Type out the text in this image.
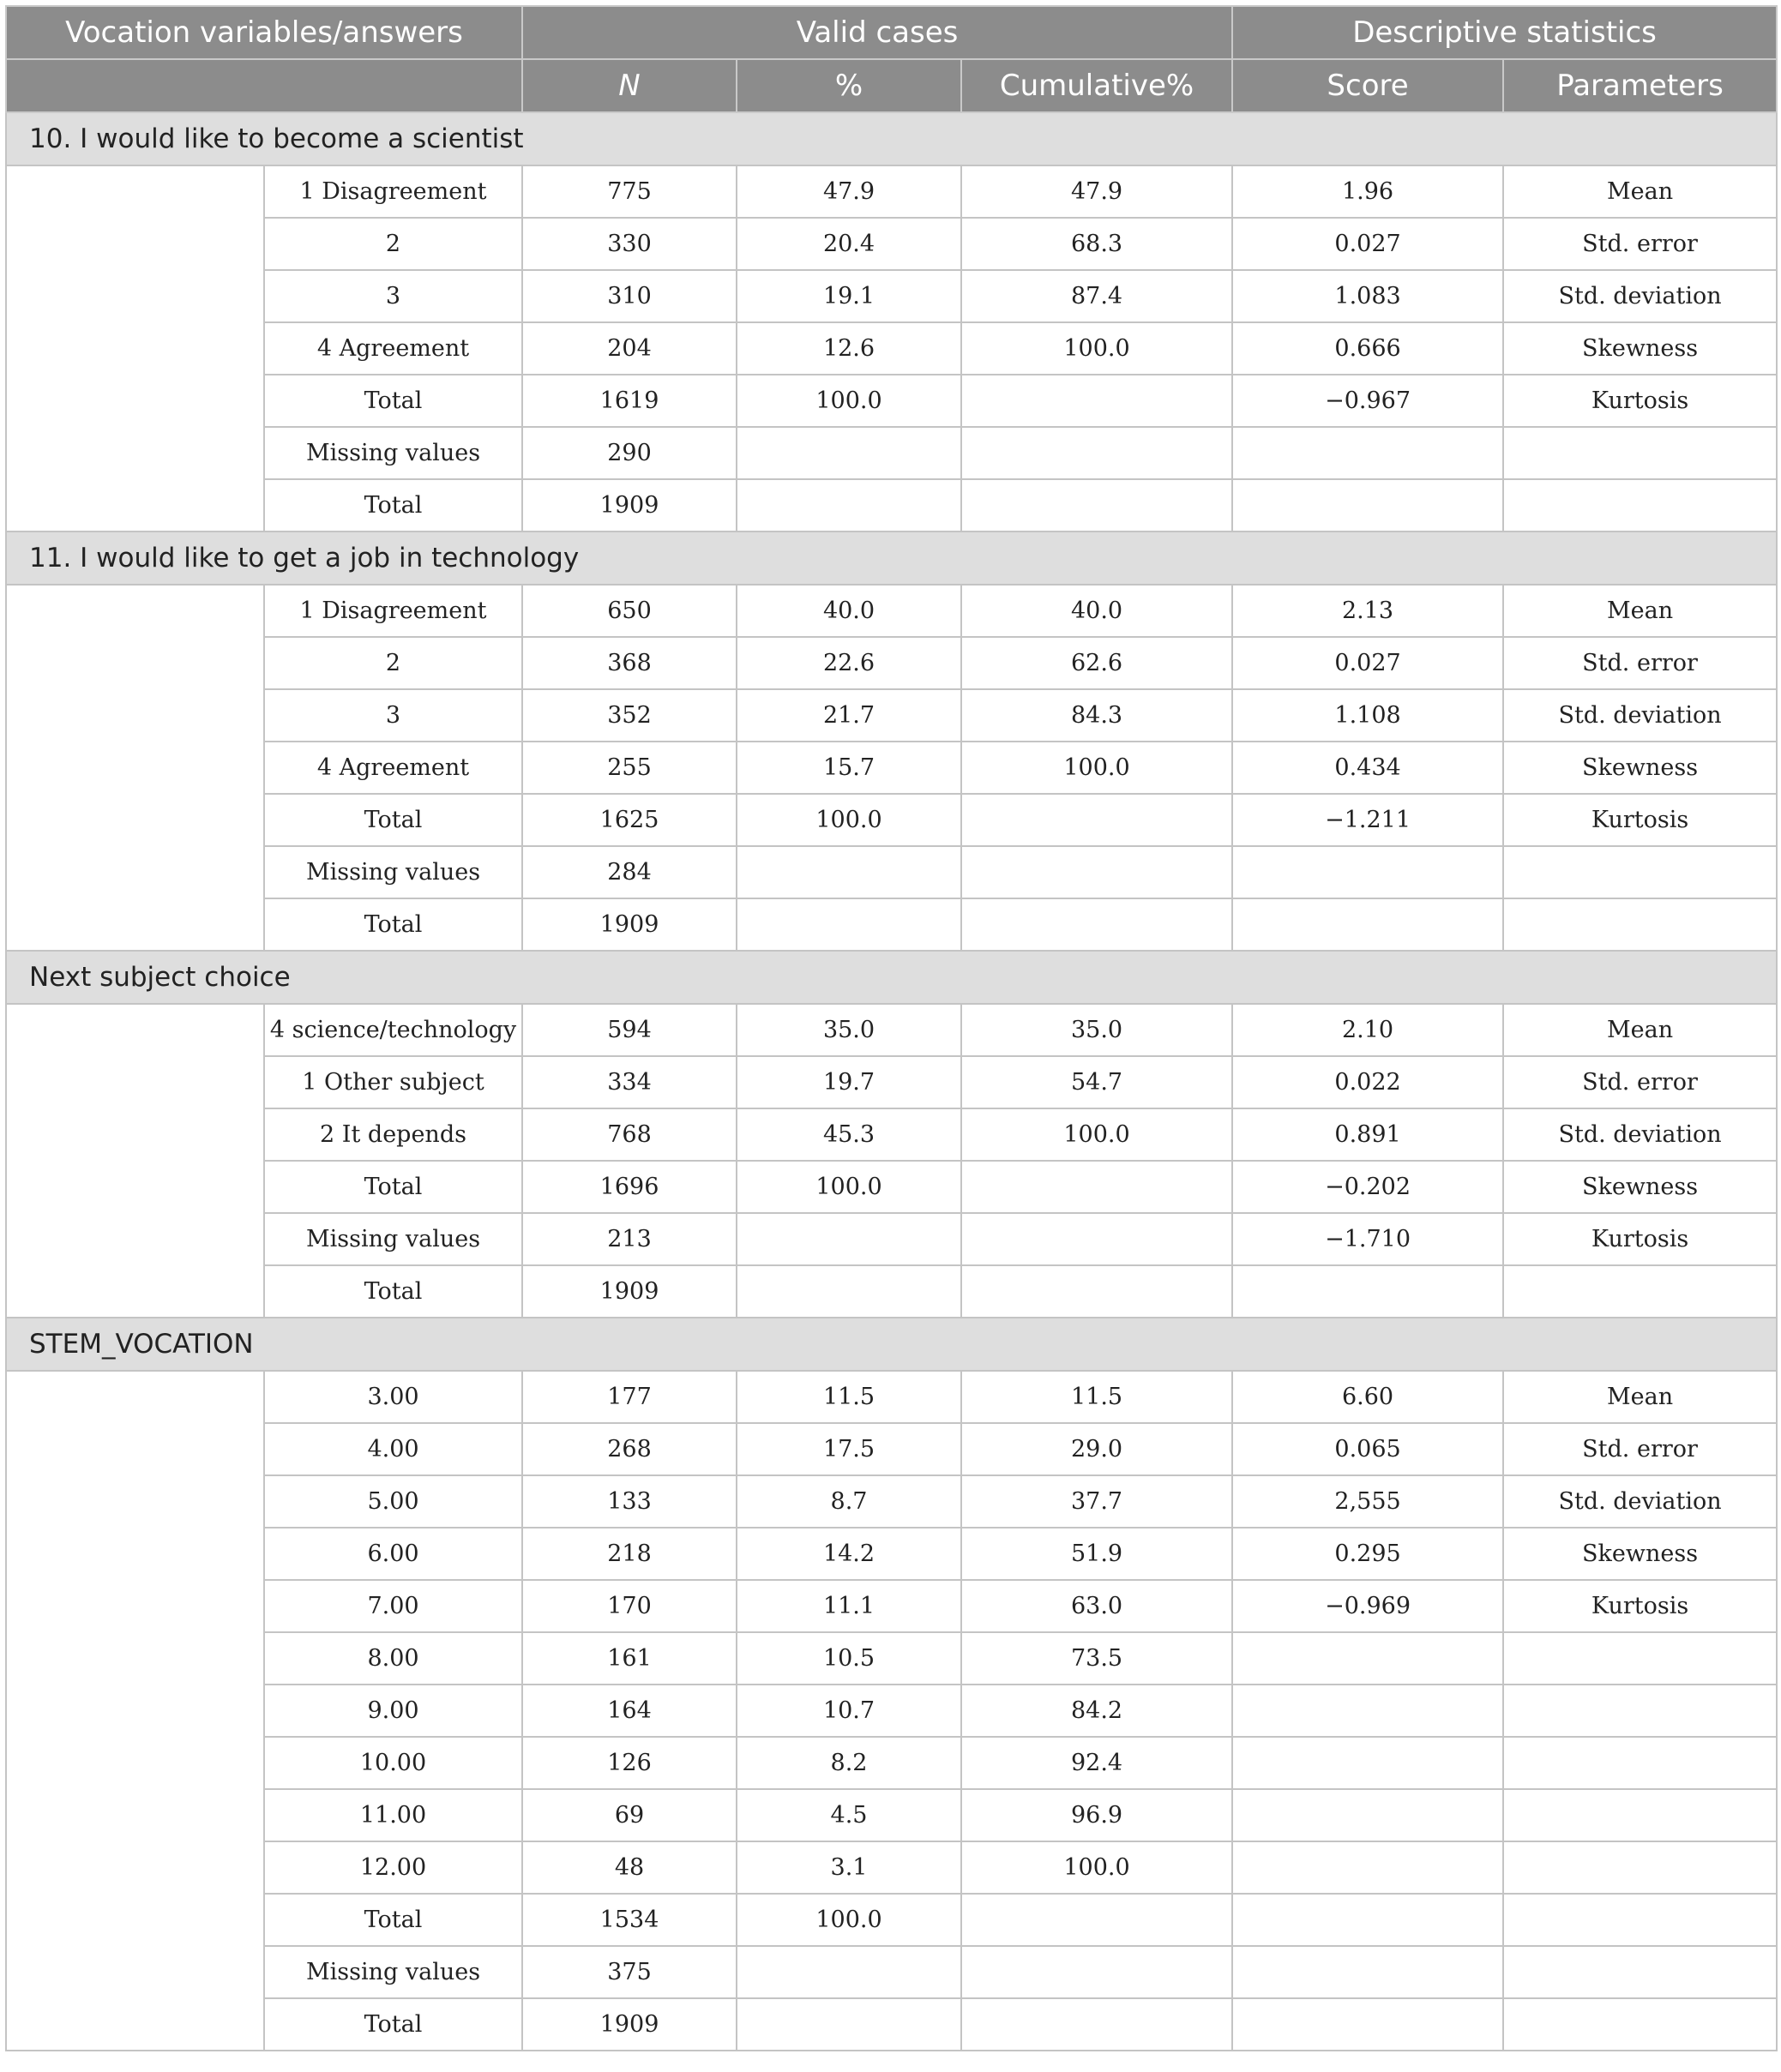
Vocation variables/answers		Valid cases			Descriptive statistics	
		N	%	Cumulative%	Score	Parameters
10. I would like to become a scientist						
	1 Disagreement	775	47.9	47.9	1.96	Mean
	2	330	20.4	68.3	0.027	Std. error
	3	310	19.1	87.4	1.083	Std. deviation
	4 Agreement	204	12.6	100.0	0.666	Skewness
	Total	1619	100.0		−0.967	Kurtosis
	Missing values	290				
	Total	1909				
11. I would like to get a job in technology						
	1 Disagreement	650	40.0	40.0	2.13	Mean
	2	368	22.6	62.6	0.027	Std. error
	3	352	21.7	84.3	1.108	Std. deviation
	4 Agreement	255	15.7	100.0	0.434	Skewness
	Total	1625	100.0		−1.211	Kurtosis
	Missing values	284				
	Total	1909				
Next subject choice						
	4 science/technology	594	35.0	35.0	2.10	Mean
	1 Other subject	334	19.7	54.7	0.022	Std. error
	2 It depends	768	45.3	100.0	0.891	Std. deviation
	Total	1696	100.0		−0.202	Skewness
	Missing values	213			−1.710	Kurtosis
	Total	1909				
STEM_VOCATION						
	3.00	177	11.5	11.5	6.60	Mean
	4.00	268	17.5	29.0	0.065	Std. error
	5.00	133	8.7	37.7	2,555	Std. deviation
	6.00	218	14.2	51.9	0.295	Skewness
	7.00	170	11.1	63.0	−0.969	Kurtosis
	8.00	161	10.5	73.5		
	9.00	164	10.7	84.2		
	10.00	126	8.2	92.4		
	11.00	69	4.5	96.9		
	12.00	48	3.1	100.0		
	Total	1534	100.0			
	Missing values	375				
	Total	1909				
